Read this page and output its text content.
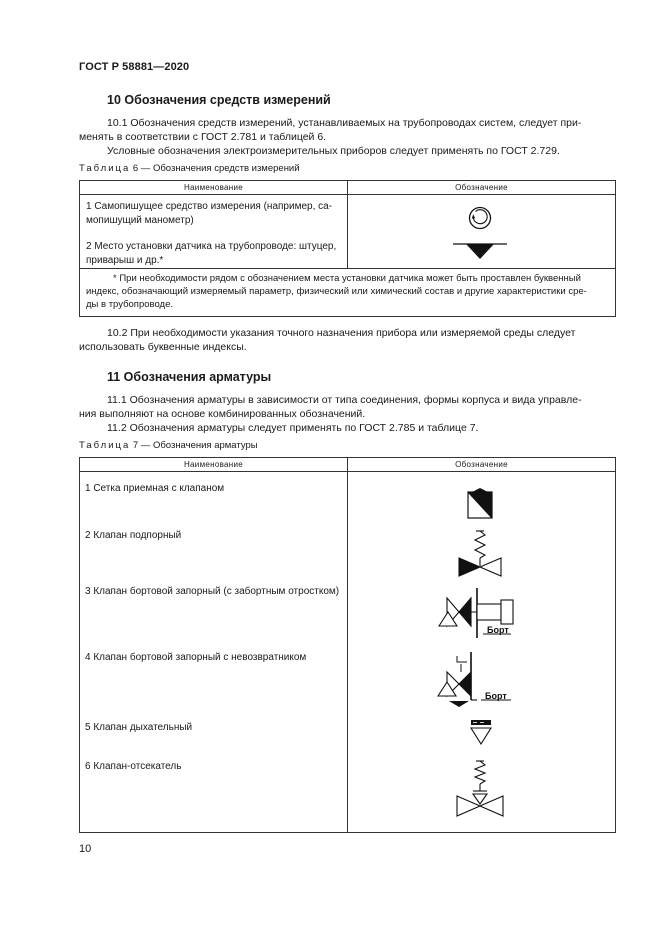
ГОСТ Р 58881—2020
10 Обозначения средств измерений
10.1 Обозначения средств измерений, устанавливаемых на трубопроводах систем, следует при-
менять в соответствии с ГОСТ 2.781 и таблицей 6.
Условные обозначения электроизмерительных приборов следует применять по ГОСТ 2.729.
Таблица 6 — Обозначения средств измерений
Наименование	Обозначение

1 Самопишущее средство измерения (например, са-
мопишущий манометр)
2 Место установки датчика на трубопроводе: штуцер,
приварыш и др.*	

* При необходимости рядом с обозначением места установки датчика может быть проставлен буквенный
индекс, обозначающий измеряемый параметр, физический или химический состав и другие характеристики сре-
ды в трубопроводе.	
10.2 При необходимости указания точного назначения прибора или измеряемой среды следует
использовать буквенные индексы.
11 Обозначения арматуры
11.1 Обозначения арматуры в зависимости от типа соединения, формы корпуса и вида управле-
ния выполняют на основе комбинированных обозначений.
11.2 Обозначения арматуры следует применять по ГОСТ 2.785 и таблице 7.
Таблица 7 — Обозначения арматуры
Наименование	Обозначение

1 Сетка приемная с клапаном
2 Клапан подпорный
3 Клапан бортовой запорный (с забортным отростком)
4 Клапан бортовой запорный с невозвратником
5 Клапан дыхательный
6 Клапан-отсекатель
Борт
Борт
10
